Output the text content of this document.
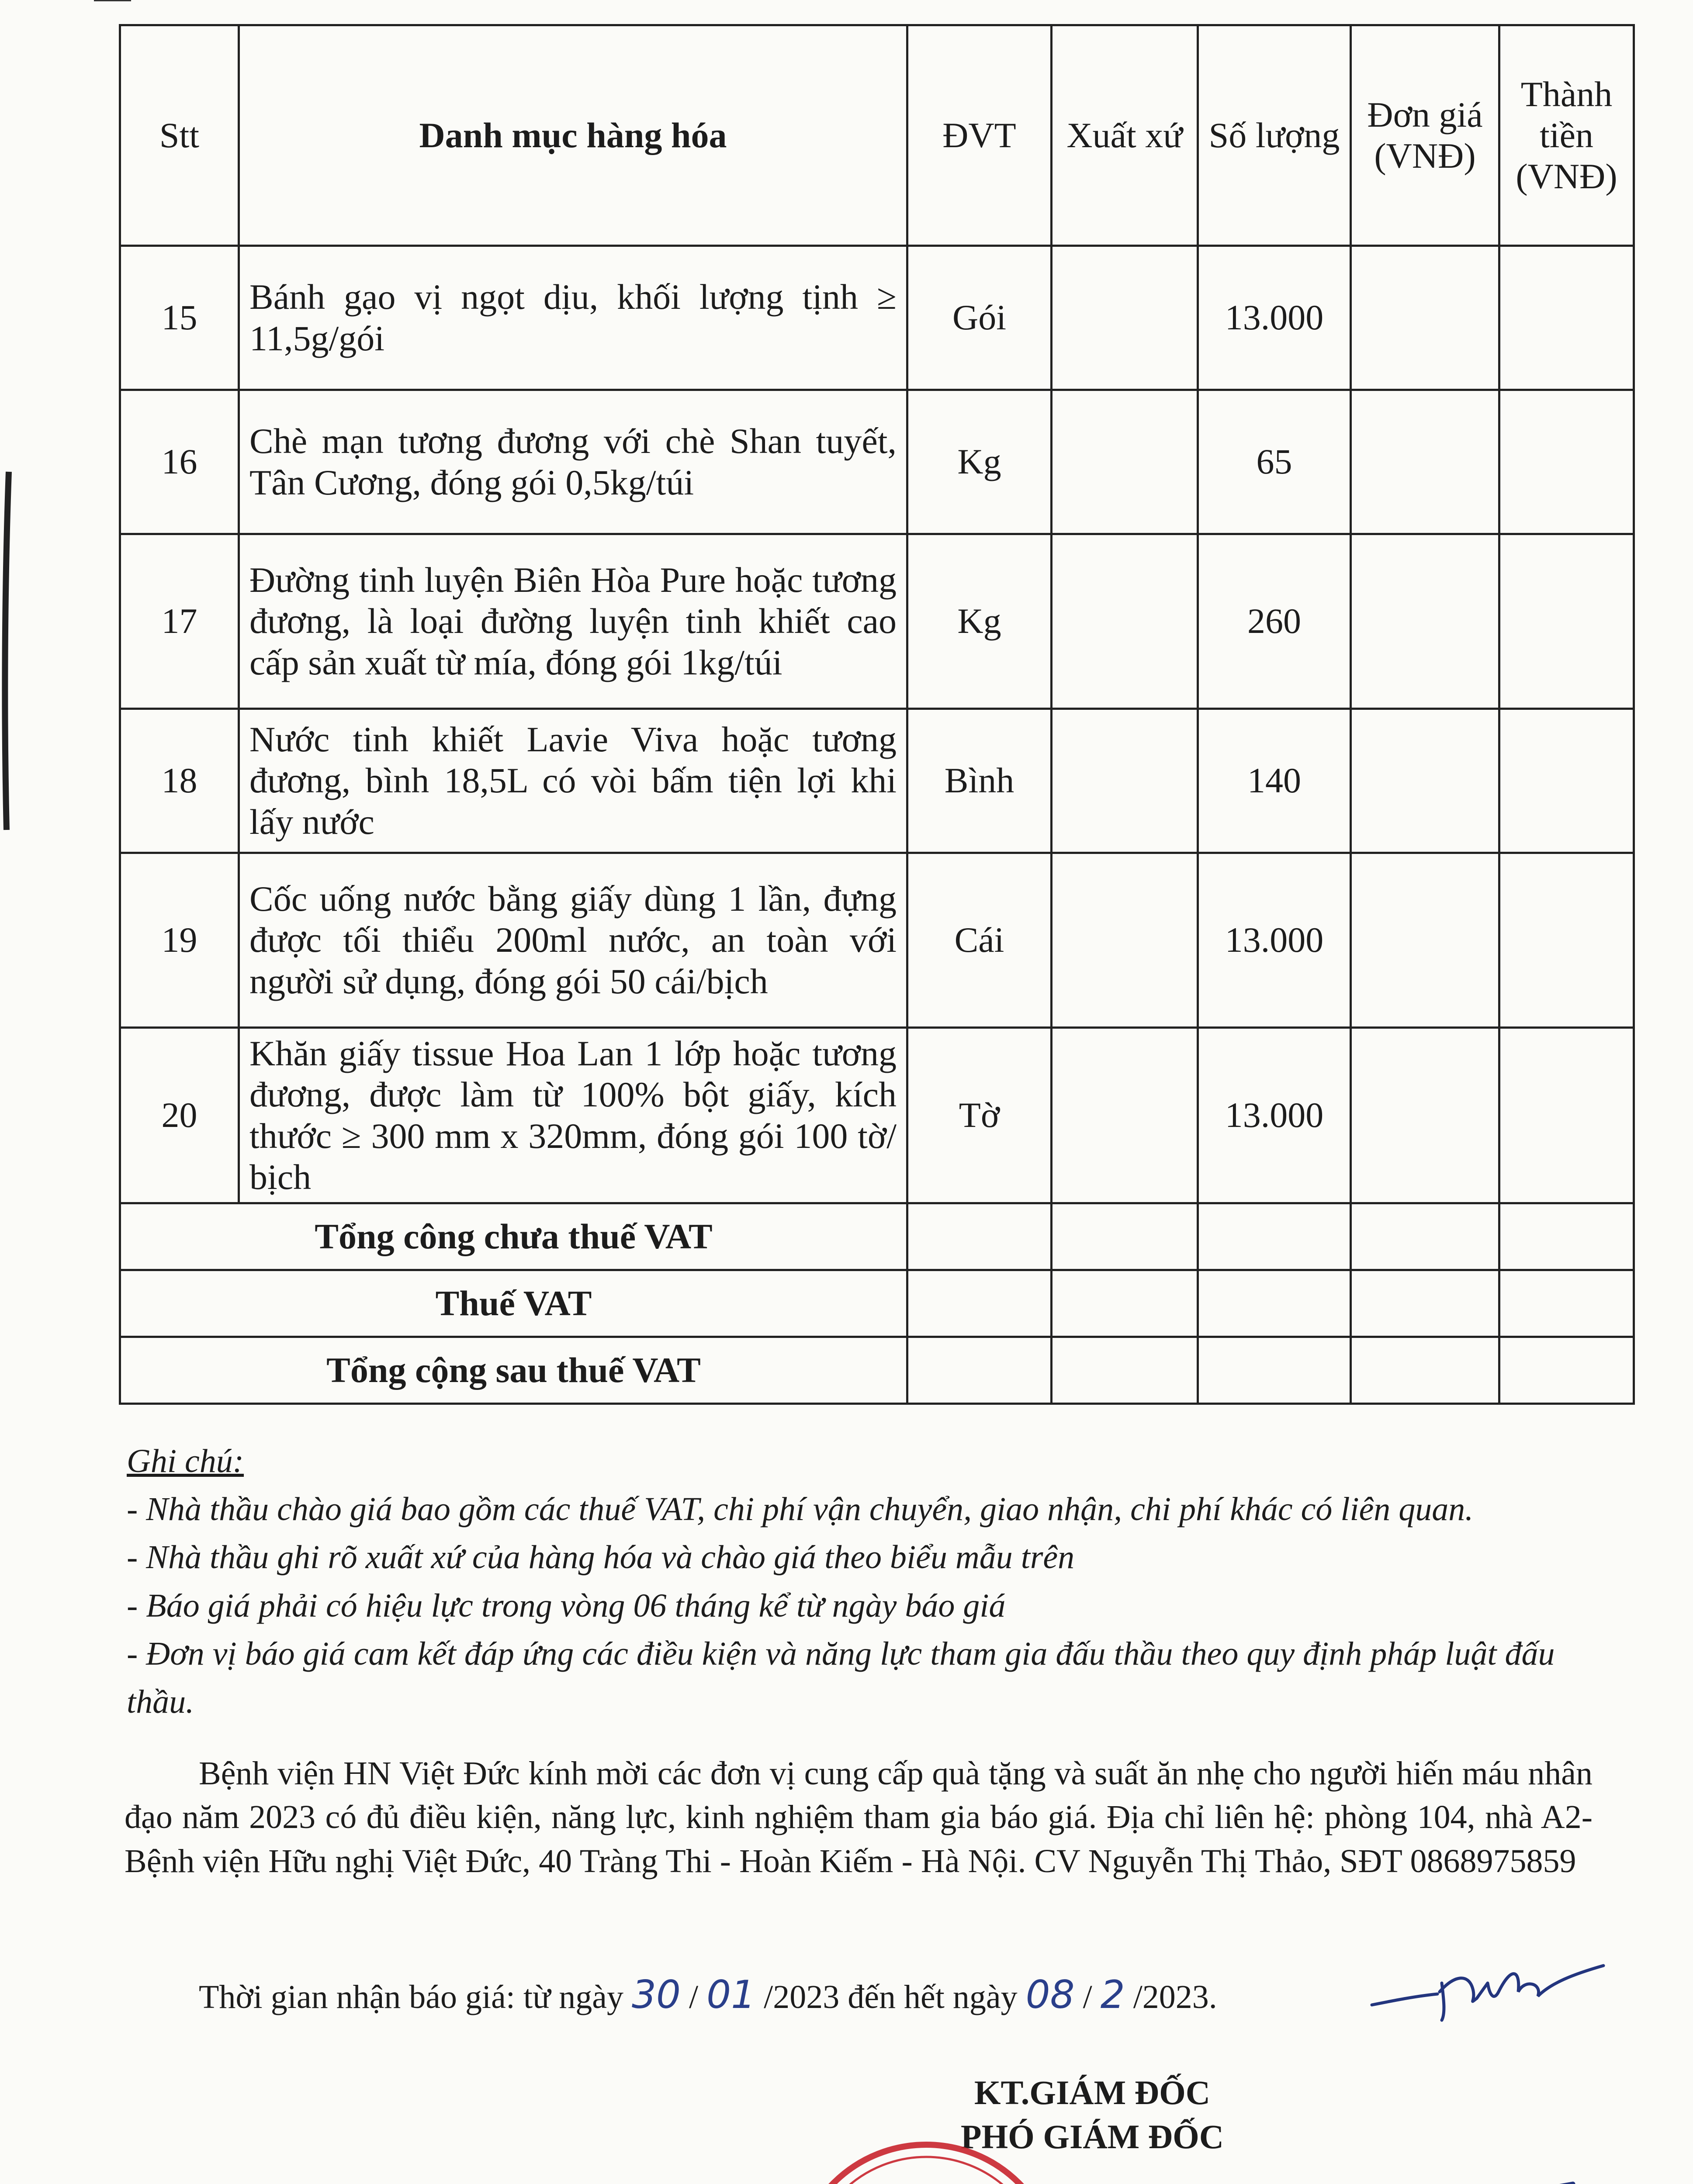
Stt	Danh mục hàng hóa	ĐVT	Xuất xứ	Số lượng	Đơn giá (VNĐ)	Thành tiền (VNĐ)
15	Bánh gạo vị ngọt dịu, khối lượng tịnh ≥ 11,5g/gói	Gói		13.000		
16	Chè mạn tương đương với chè Shan tuyết, Tân Cương, đóng gói 0,5kg/túi	Kg		65		
17	Đường tinh luyện Biên Hòa Pure hoặc tương đương, là loại đường luyện tinh khiết cao cấp sản xuất từ mía, đóng gói 1kg/túi	Kg		260		
18	Nước tinh khiết Lavie Viva hoặc tương đương, bình 18,5L có vòi bấm tiện lợi khi lấy nước	Bình		140		
19	Cốc uống nước bằng giấy dùng 1 lần, đựng được tối thiểu 200ml nước, an toàn với người sử dụng, đóng gói 50 cái/bịch	Cái		13.000		
20	Khăn giấy tissue Hoa Lan 1 lớp hoặc tương đương, được làm từ 100% bột giấy, kích thước ≥ 300 mm x 320mm, đóng gói 100 tờ/ bịch	Tờ		13.000		
Tổng công chưa thuế VAT						
Thuế VAT						
Tổng cộng sau thuế VAT						
Ghi chú:

- Nhà thầu chào giá bao gồm các thuế VAT, chi phí vận chuyển, giao nhận, chi phí khác có liên quan.

- Nhà thầu ghi rõ xuất xứ của hàng hóa và chào giá theo biểu mẫu trên

- Báo giá phải có hiệu lực trong vòng 06 tháng kể từ ngày báo giá

- Đơn vị báo giá cam kết đáp ứng các điều kiện và năng lực tham gia đấu thầu theo quy định pháp luật đấu thầu.

Bệnh viện HN Việt Đức kính mời các đơn vị cung cấp quà tặng và suất ăn nhẹ cho người hiến máu nhân đạo năm 2023 có đủ điều kiện, năng lực, kinh nghiệm tham gia báo giá. Địa chỉ liên hệ: phòng 104, nhà A2- Bệnh viện Hữu nghị Việt Đức, 40 Tràng Thi - Hoàn Kiếm - Hà Nội. CV Nguyễn Thị Thảo, SĐT 0868975859

Thời gian nhận báo giá: từ ngày 30 / 01 /2023 đến hết ngày 08 / 2 /2023.
KT.GIÁM ĐỐC
PHÓ GIÁM ĐỐC
